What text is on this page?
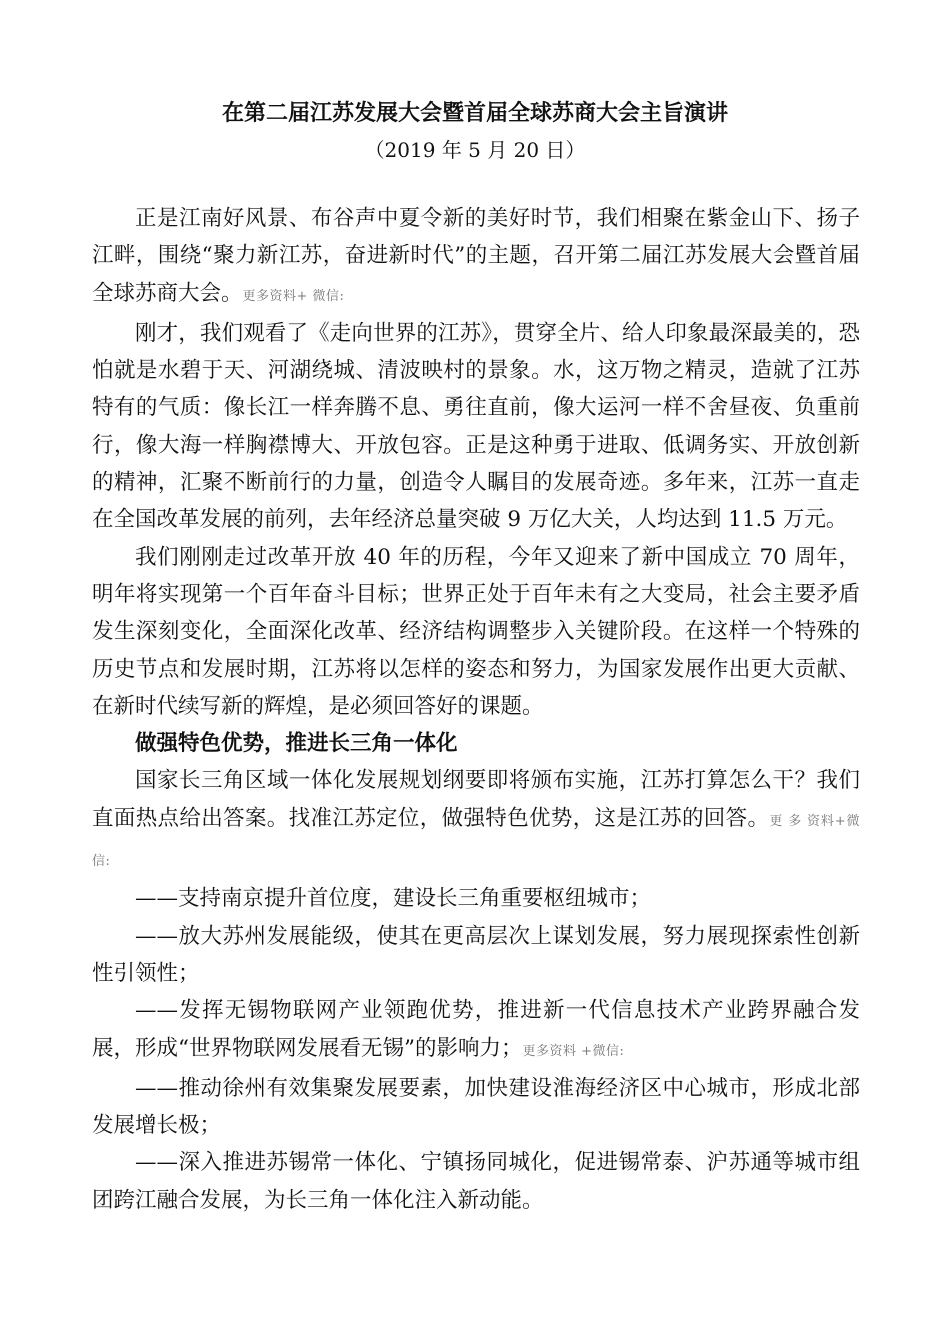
在第二届江苏发展大会暨首届全球苏商大会主旨演讲
（2019 年 5 月 20 日）

正是江南好风景、布谷声中夏令新的美好时节，我们相聚在紫金山下、扬子江畔，围绕“聚力新江苏，奋进新时代”的主题，召开第二届江苏发展大会暨首届全球苏商大会。更多资料+ 微信:

刚才，我们观看了《走向世界的江苏》，贯穿全片、给人印象最深最美的，恐怕就是水碧于天、河湖绕城、清波映村的景象。水，这万物之精灵，造就了江苏特有的气质：像长江一样奔腾不息、勇往直前，像大运河一样不舍昼夜、负重前行，像大海一样胸襟博大、开放包容。正是这种勇于进取、低调务实、开放创新的精神，汇聚不断前行的力量，创造令人瞩目的发展奇迹。多年来，江苏一直走在全国改革发展的前列，去年经济总量突破 9 万亿大关，人均达到 11.5 万元。

我们刚刚走过改革开放 40 年的历程，今年又迎来了新中国成立 70 周年，明年将实现第一个百年奋斗目标；世界正处于百年未有之大变局，社会主要矛盾发生深刻变化，全面深化改革、经济结构调整步入关键阶段。在这样一个特殊的历史节点和发展时期，江苏将以怎样的姿态和努力，为国家发展作出更大贡献、在新时代续写新的辉煌，是必须回答好的课题。

做强特色优势，推进长三角一体化

国家长三角区域一体化发展规划纲要即将颁布实施，江苏打算怎么干？我们直面热点给出答案。找准江苏定位，做强特色优势，这是江苏的回答。更 多 资料+微信:

——支持南京提升首位度，建设长三角重要枢纽城市；

——放大苏州发展能级，使其在更高层次上谋划发展，努力展现探索性创新性引领性；

——发挥无锡物联网产业领跑优势，推进新一代信息技术产业跨界融合发展，形成“世界物联网发展看无锡”的影响力；更多资料 +微信:

——推动徐州有效集聚发展要素，加快建设淮海经济区中心城市，形成北部发展增长极；

——深入推进苏锡常一体化、宁镇扬同城化，促进锡常泰、沪苏通等城市组团跨江融合发展，为长三角一体化注入新动能。
